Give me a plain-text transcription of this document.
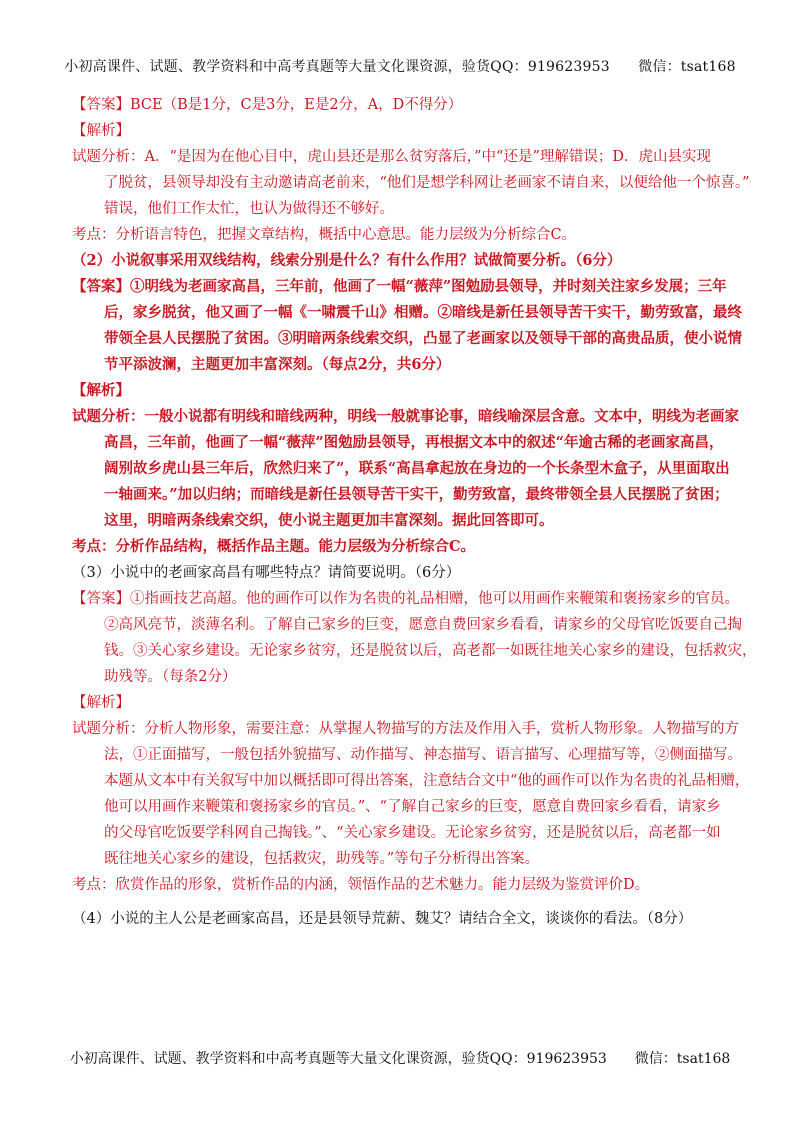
小初高课件、试题、教学资料和中高考真题等大量文化课资源，验货QQ：919623953　　微信：tsat168
【答案】BCE（B是1分，C是3分，E是2分，A，D不得分）
【解析】
试题分析：A．“是因为在他心目中，虎山县还是那么贫穷落后，”中“还是”理解错误；D．虎山县实现
了脱贫，县领导却没有主动邀请高老前来，“他们是想学科网让老画家不请自来，以便给他一个惊喜。”
错误，他们工作太忙，也认为做得还不够好。
考点：分析语言特色，把握文章结构，概括中心意思。能力层级为分析综合C。
（2）小说叙事采用双线结构，线索分别是什么？有什么作用？试做简要分析。（6分）
【答案】①明线为老画家高昌，三年前，他画了一幅“薇萍”图勉励县领导，并时刻关注家乡发展；三年
后，家乡脱贫，他又画了一幅《一啸震千山》相赠。②暗线是新任县领导苦干实干，勤劳致富，最终
带领全县人民摆脱了贫困。③明暗两条线索交织，凸显了老画家以及领导干部的高贵品质，使小说情
节平添波澜，主题更加丰富深刻。（每点2分，共6分）
【解析】
试题分析：一般小说都有明线和暗线两种，明线一般就事论事，暗线喻深层含意。文本中，明线为老画家
高昌，三年前，他画了一幅“薇萍”图勉励县领导，再根据文本中的叙述“年逾古稀的老画家高昌，
阔别故乡虎山县三年后，欣然归来了”，联系“高昌拿起放在身边的一个长条型木盒子，从里面取出
一轴画来。”加以归纳；而暗线是新任县领导苦干实干，勤劳致富，最终带领全县人民摆脱了贫困；
这里，明暗两条线索交织，使小说主题更加丰富深刻。据此回答即可。
考点：分析作品结构，概括作品主题。能力层级为分析综合C。
（3）小说中的老画家高昌有哪些特点？请简要说明。（6分）
【答案】①指画技艺高超。他的画作可以作为名贵的礼品相赠，他可以用画作来鞭策和褒扬家乡的官员。
②高风亮节，淡薄名利。了解自己家乡的巨变，愿意自费回家乡看看，请家乡的父母官吃饭要自己掏
钱。③关心家乡建设。无论家乡贫穷，还是脱贫以后，高老都一如既往地关心家乡的建设，包括救灾，
助残等。（每条2分）
【解析】
试题分析：分析人物形象，需要注意：从掌握人物描写的方法及作用入手，赏析人物形象。人物描写的方
法，①正面描写，一般包括外貌描写、动作描写、神态描写、语言描写、心理描写等，②侧面描写。
本题从文本中有关叙写中加以概括即可得出答案，注意结合文中“他的画作可以作为名贵的礼品相赠，
他可以用画作来鞭策和褒扬家乡的官员。”、“了解自己家乡的巨变，愿意自费回家乡看看，请家乡
的父母官吃饭要学科网自己掏钱。”、“关心家乡建设。无论家乡贫穷，还是脱贫以后，高老都一如
既往地关心家乡的建设，包括救灾，助残等。”等句子分析得出答案。
考点：欣赏作品的形象，赏析作品的内涵，领悟作品的艺术魅力。能力层级为鉴赏评价D。
（4）小说的主人公是老画家高昌，还是县领导荒薪、魏艾？请结合全文，谈谈你的看法。（8分）
小初高课件、试题、教学资料和中高考真题等大量文化课资源，验货QQ：919623953　　微信：tsat168
